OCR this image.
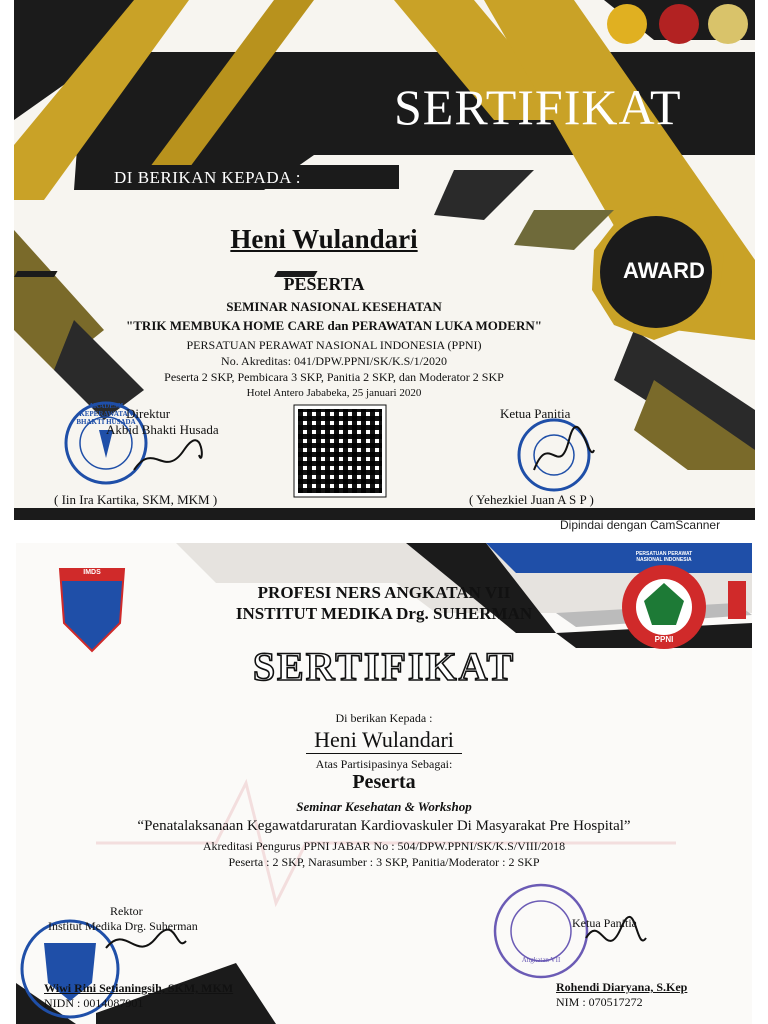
SERTIFIKAT
DI BERIKAN KEPADA :
Heni Wulandari
PESERTA
SEMINAR NASIONAL KESEHATAN
"TRIK MEMBUKA HOME CARE dan PERAWATAN LUKA MODERN"
PERSATUAN PERAWAT NASIONAL INDONESIA (PPNI)
No. Akreditas: 041/DPW.PPNI/SK/K.S/1/2020
Peserta 2 SKP, Pembicara 3 SKP, Panitia 2 SKP, dan Moderator 2 SKP
Hotel Antero Jababeka, 25 januari 2020
AWARD
Direktur
Akbid Bhakti Husada
( Iin Ira Kartika, SKM, MKM )
AKADEMI KEPERAWATAN BHAKTI HUSADA
Ketua Panitia
( Yehezkiel Juan A S P )
Dipindai dengan CamScanner
IMDS
PPNI
PERSATUAN PERAWAT NASIONAL INDONESIA
PROFESI NERS ANGKATAN VII
INSTITUT MEDIKA Drg. SUHERMAN
SERTIFIKAT
Di berikan Kepada :
Heni Wulandari
Atas Partisipasinya Sebagai:
Peserta
Seminar Kesehatan & Workshop
“Penatalaksanaan Kegawatdaruratan Kardiovaskuler Di Masyarakat Pre Hospital”
Akreditasi Pengurus PPNI JABAR No : 504/DPW.PPNI/SK/K.S/VIII/2018
Peserta : 2 SKP, Narasumber : 3 SKP, Panitia/Moderator : 2 SKP
Rektor
Institut Medika Drg. Suherman
Wiwi Rini Setianingsih, SKM, MKM
NIDN : 0014087901
Ketua Panitia
Rohendi Diaryana, S.Kep
NIM : 070517272
Angkatan VII
